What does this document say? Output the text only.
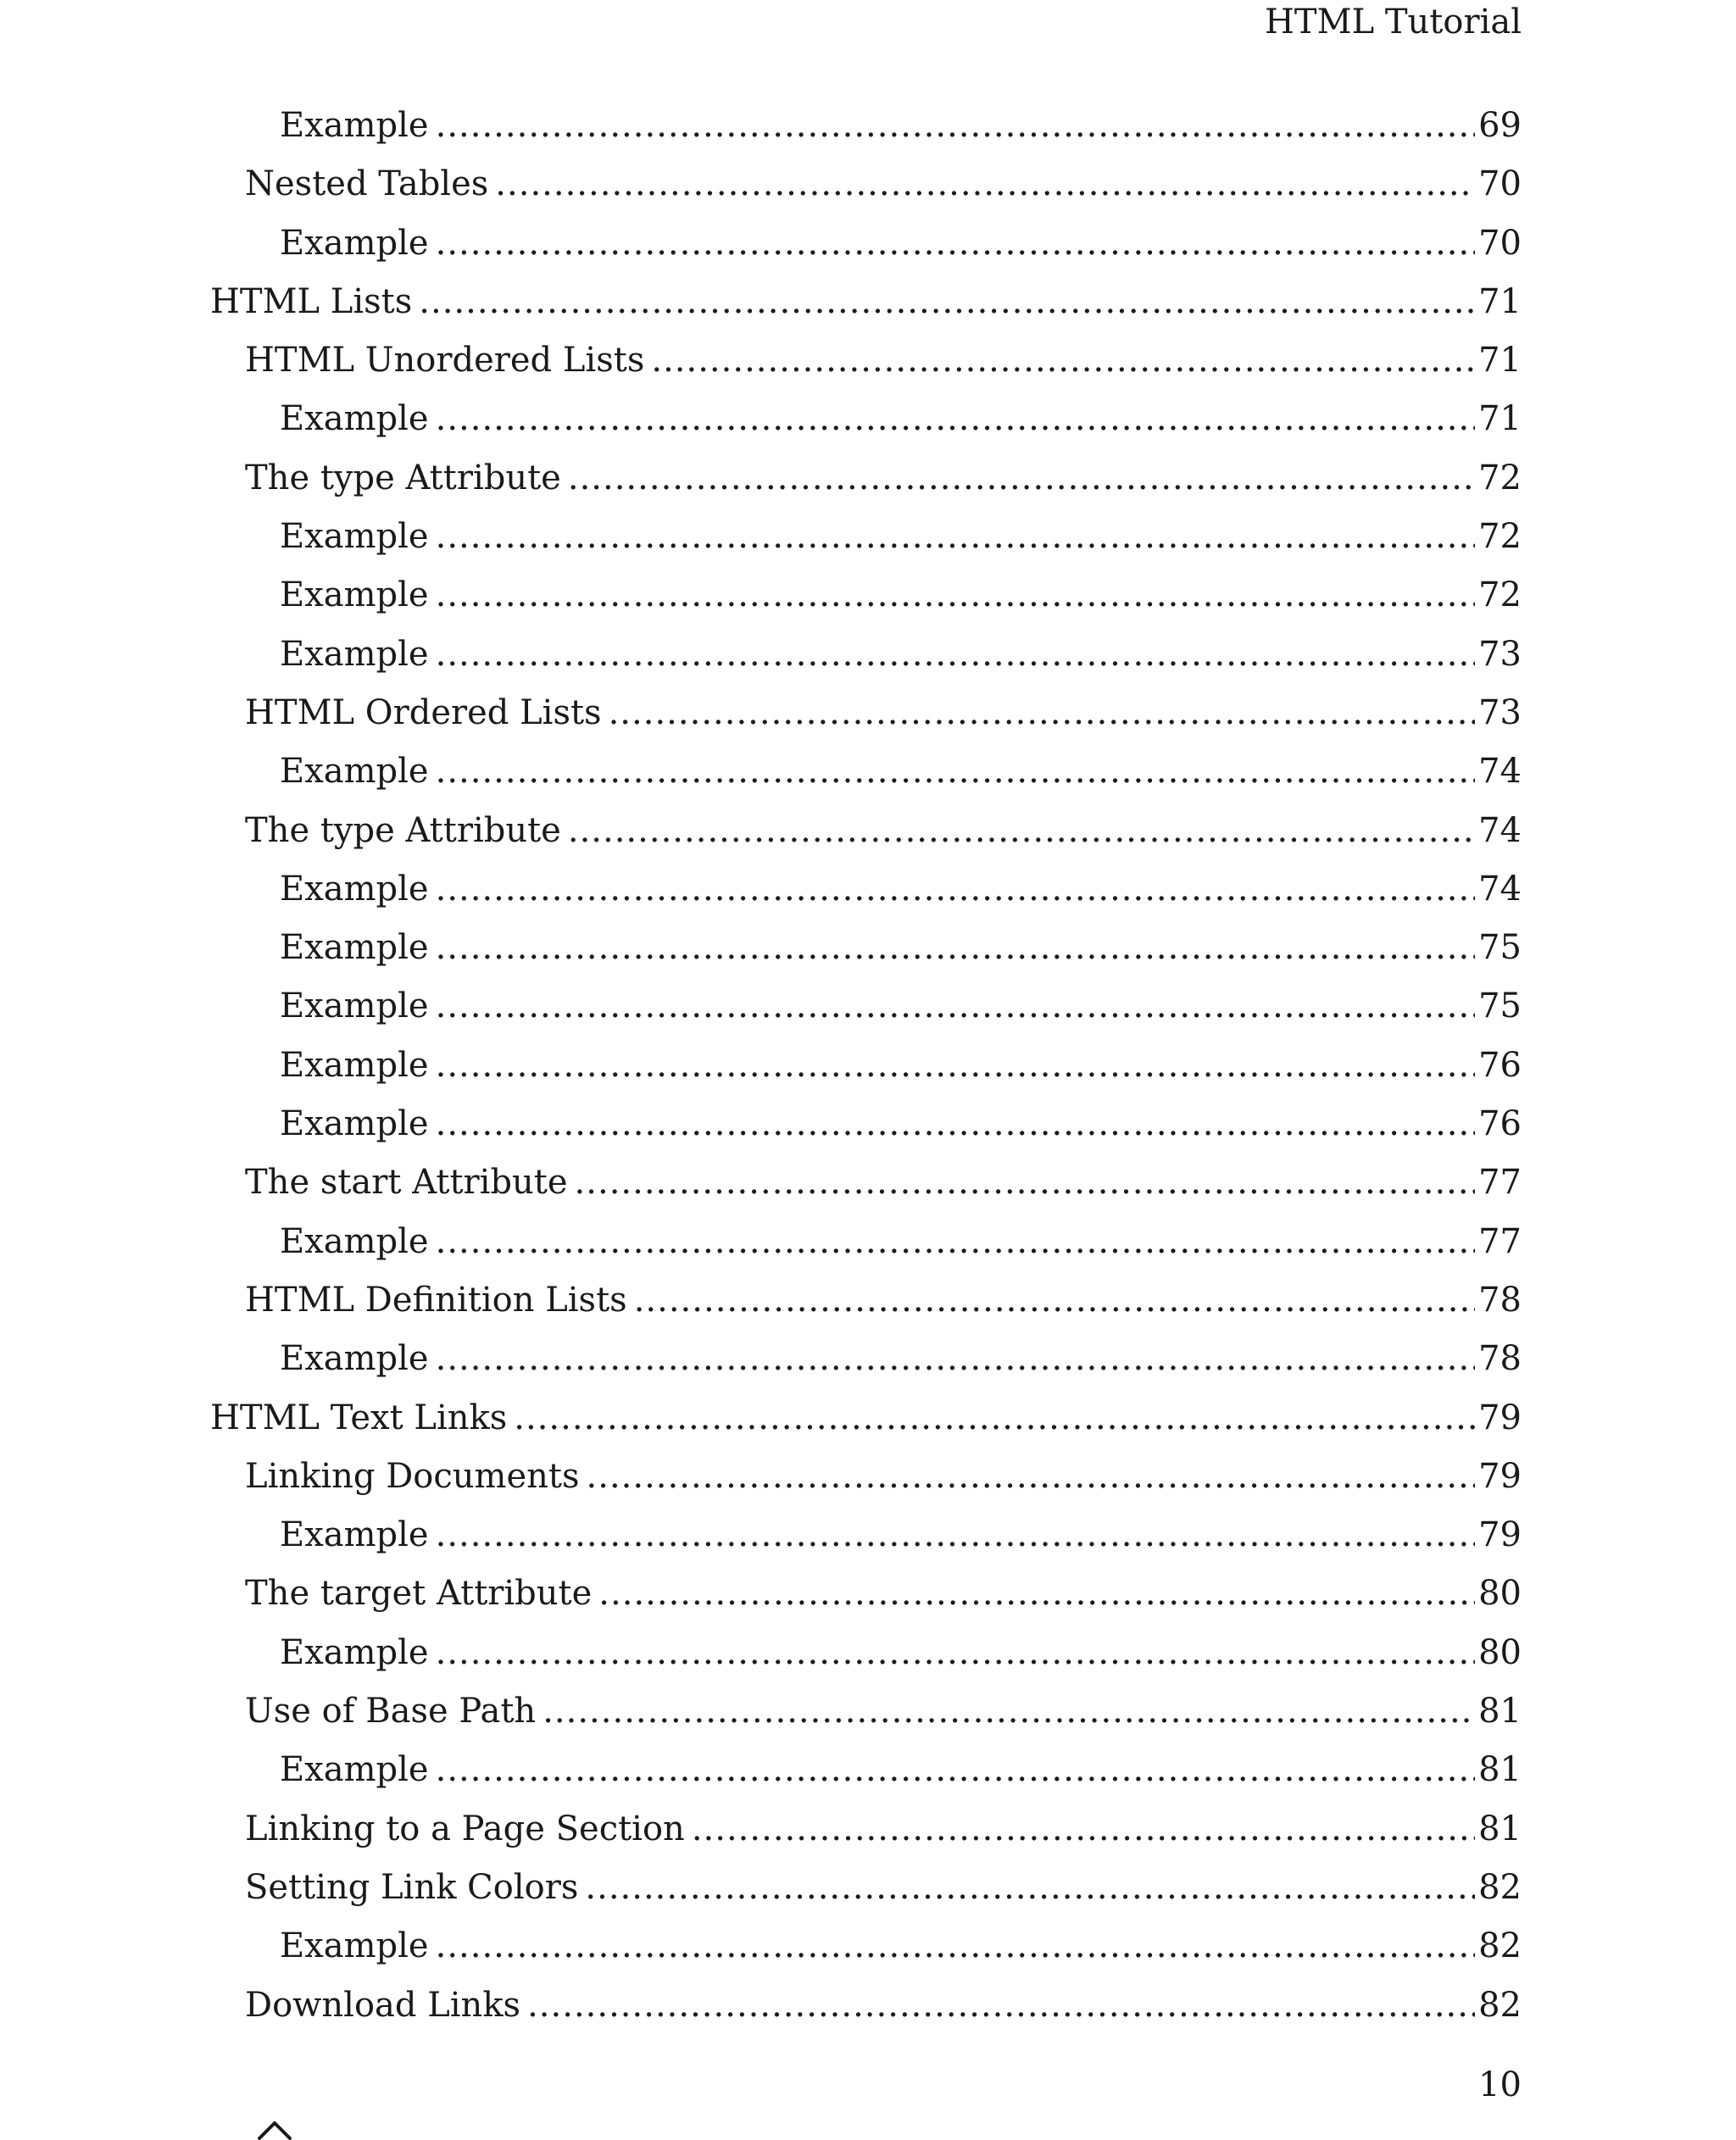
HTML Tutorial
Example .....	69
Nested Tables .....	70
Example .....	70
HTML Lists .....	71
HTML Unordered Lists .....	71
Example .....	71
The type Attribute .....	72
Example .....	72
Example .....	72
Example .....	73
HTML Ordered Lists .....	73
Example .....	74
The type Attribute .....	74
Example .....	74
Example .....	75
Example .....	75
Example .....	76
Example .....	76
The start Attribute .....	77
Example .....	77
HTML Definition Lists .....	78
Example .....	78
HTML Text Links .....	79
Linking Documents .....	79
Example .....	79
The target Attribute .....	80
Example .....	80
Use of Base Path .....	81
Example .....	81
Linking to a Page Section .....	81
Setting Link Colors .....	82
Example .....	82
Download Links .....	82
10
